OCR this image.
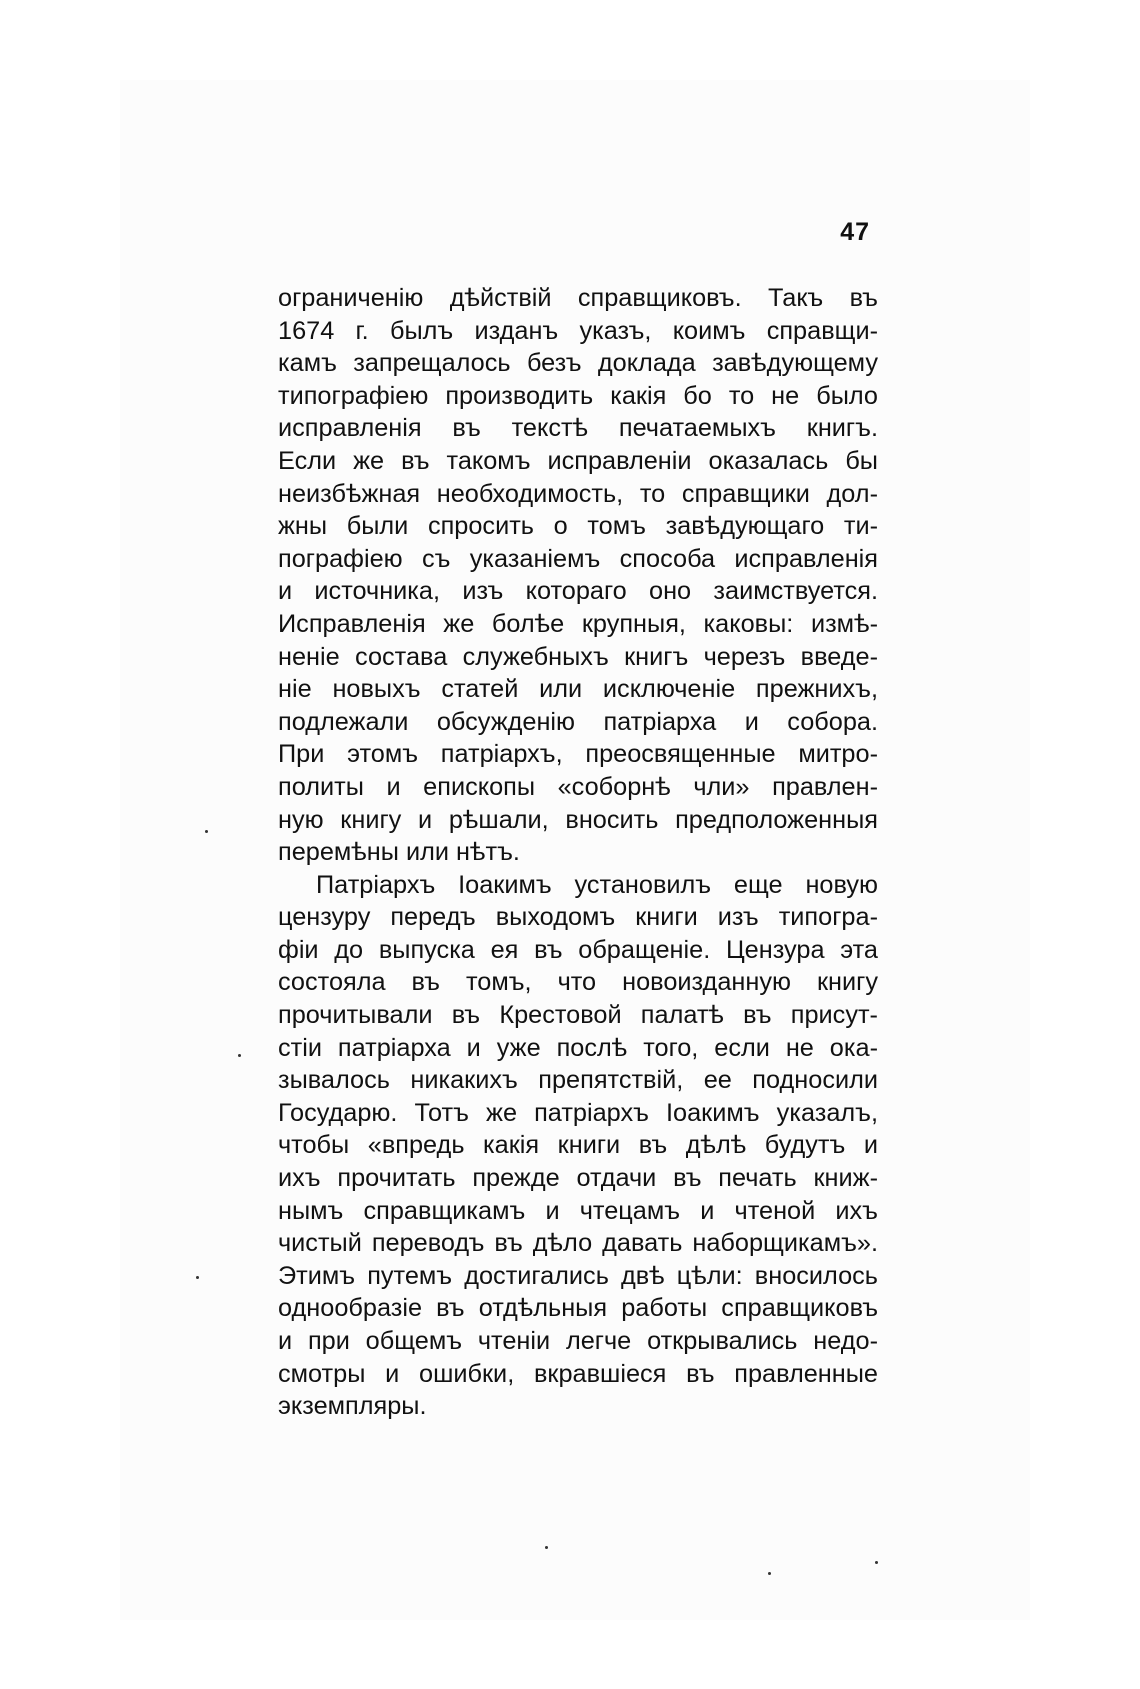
47
ограниченію дѣйствій справщиковъ. Такъ въ
1674 г. былъ изданъ указъ, коимъ справщи-
камъ запрещалось безъ доклада завѣдующему
типографіею производить какія бо то не было
исправленія въ текстѣ печатаемыхъ книгъ.
Если же въ такомъ исправленіи оказалась бы
неизбѣжная необходимость, то справщики дол-
жны были спросить о томъ завѣдующаго ти-
пографіею съ указаніемъ способа исправленія
и источника, изъ котораго оно заимствуется.
Исправленія же болѣе крупныя, каковы: измѣ-
неніе состава служебныхъ книгъ черезъ введе-
ніе новыхъ статей или исключеніе прежнихъ,
подлежали обсужденію патріарха и собора.
При этомъ патріархъ, преосвященные митро-
политы и епископы «соборнѣ чли» правлен-
ную книгу и рѣшали, вносить предположенныя
перемѣны или нѣтъ.
Патріархъ Іоакимъ установилъ еще новую
цензуру передъ выходомъ книги изъ типогра-
фіи до выпуска ея въ обращеніе. Цензура эта
состояла въ томъ, что новоизданную книгу
прочитывали въ Крестовой палатѣ въ присут-
стіи патріарха и уже послѣ того, если не ока-
зывалось никакихъ препятствій, ее подносили
Государю. Тотъ же патріархъ Іоакимъ указалъ,
чтобы «впредь какія книги въ дѣлѣ будутъ и
ихъ прочитать прежде отдачи въ печать книж-
нымъ справщикамъ и чтецамъ и чтеной ихъ
чистый переводъ въ дѣло давать наборщикамъ».
Этимъ путемъ достигались двѣ цѣли: вносилось
однообразіе въ отдѣльныя работы справщиковъ
и при общемъ чтеніи легче открывались недо-
смотры и ошибки, вкравшіеся въ правленные
экземпляры.
